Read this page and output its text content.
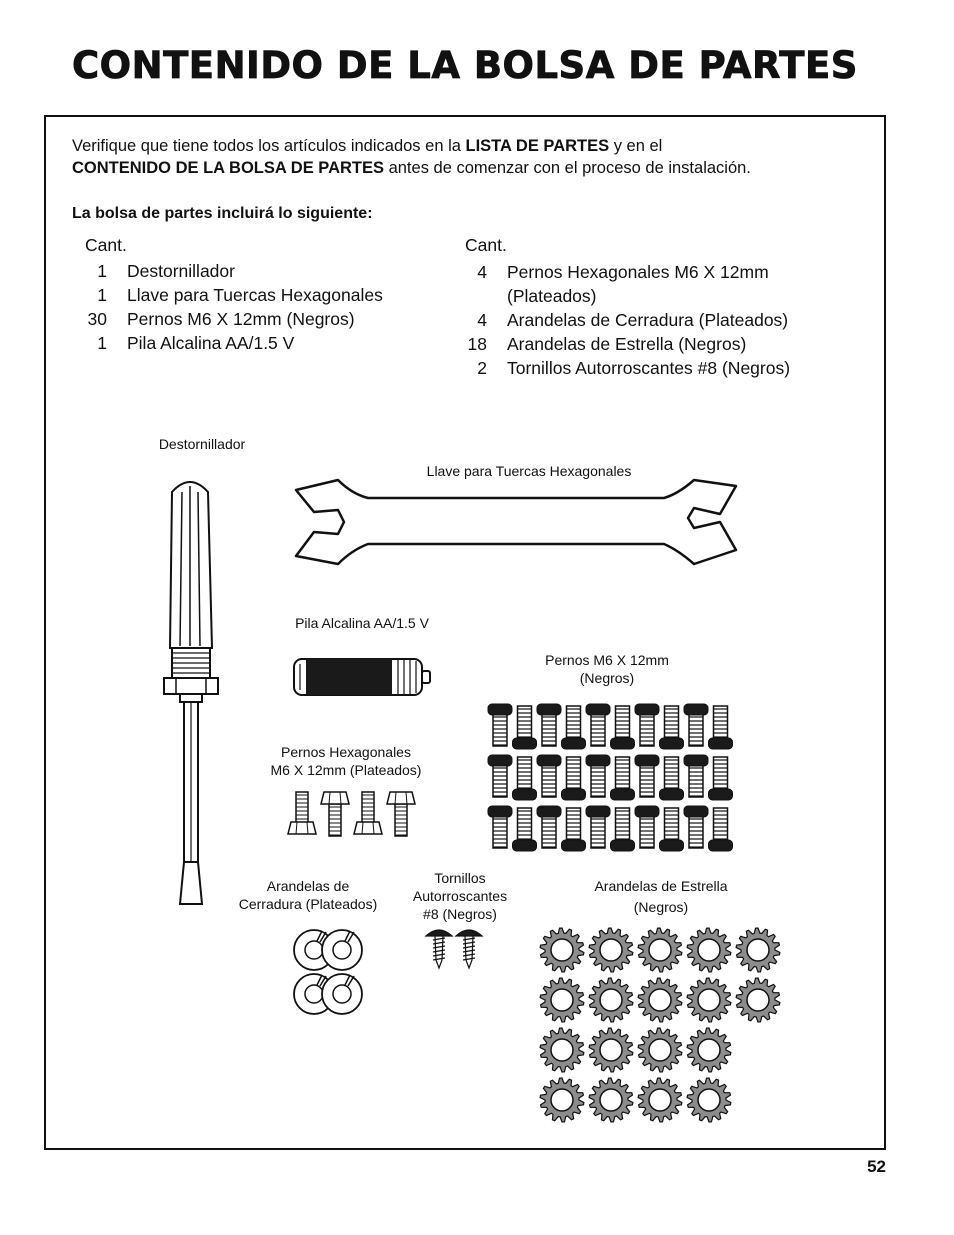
CONTENIDO DE LA BOLSA DE PARTES

Verifique que tiene todos los artículos indicados en la LISTA DE PARTES y en el
CONTENIDO DE LA BOLSA DE PARTES antes de comenzar con el proceso de instalación.

La bolsa de partes incluirá lo siguiente:

Cant.
1 Destornillador
1 Llave para Tuercas Hexagonales
30 Pernos M6 X 12mm (Negros)
1 Pila Alcalina AA/1.5 V
Cant.
4 Pernos Hexagonales M6 X 12mm
(Plateados)
4 Arandelas de Cerradura (Plateados)
18 Arandelas de Estrella (Negros)
2 Tornillos Autorroscantes #8 (Negros)
Destornillador
Llave para Tuercas Hexagonales
Pila Alcalina AA/1.5 V
Pernos M6 X 12mm
(Negros)
Pernos Hexagonales
M6 X 12mm (Plateados)
Arandelas de
Cerradura (Plateados)
Tornillos
Autorroscantes
#8 (Negros)
Arandelas de Estrella
(Negros)
52
